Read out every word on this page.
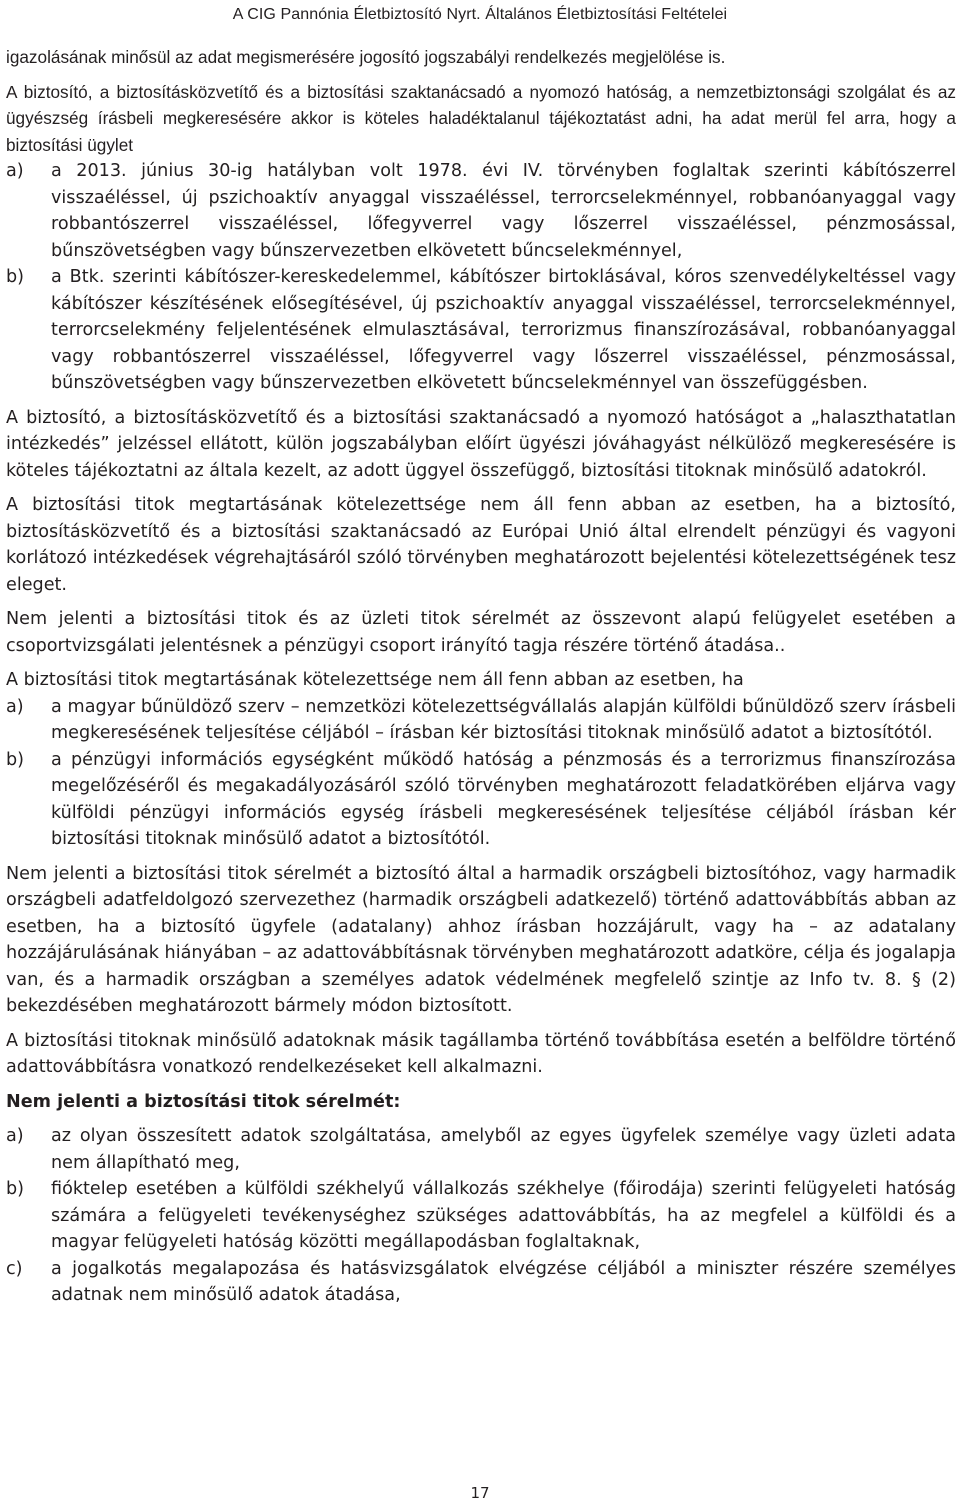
A CIG Pannónia Életbiztosító Nyrt. Általános Életbiztosítási Feltételei

igazolásának minősül az adat megismerésére jogosító jogszabályi rendelkezés megjelölése is.

A biztosító, a biztosításközvetítő és a biztosítási szaktanácsadó a nyomozó hatóság, a nemzetbiztonsági szolgálat és az ügyészség írásbeli megkeresésére akkor is köteles haladéktalanul tájékoztatást adni, ha adat merül fel arra, hogy a biztosítási ügylet

a) a 2013. június 30-ig hatályban volt 1978. évi IV. törvényben foglaltak szerinti kábítószerrel visszaéléssel, új pszichoaktív anyaggal visszaéléssel, terrorcselekménnyel, robbanóanyaggal vagy robbantószerrel visszaéléssel, lőfegyverrel vagy lőszerrel visszaéléssel, pénzmosással, bűnszövetségben vagy bűnszervezetben elkövetett bűncselekménnyel,
b) a Btk. szerinti kábítószer-kereskedelemmel, kábítószer birtoklásával, kóros szenvedélykeltéssel vagy kábítószer készítésének elősegítésével, új pszichoaktív anyaggal visszaéléssel, terrorcselekménnyel, terrorcselekmény feljelentésének elmulasztásával, terrorizmus finanszírozásával, robbanóanyaggal vagy robbantószerrel visszaéléssel, lőfegyverrel vagy lőszerrel visszaéléssel, pénzmosással, bűnszövetségben vagy bűnszervezetben elkövetett bűncselekménnyel van összefüggésben.

A biztosító, a biztosításközvetítő és a biztosítási szaktanácsadó a nyomozó hatóságot a „halaszthatatlan intézkedés” jelzéssel ellátott, külön jogszabályban előírt ügyészi jóváhagyást nélkülöző megkeresésére is köteles tájékoztatni az általa kezelt, az adott üggyel összefüggő, biztosítási titoknak minősülő adatokról.

A biztosítási titok megtartásának kötelezettsége nem áll fenn abban az esetben, ha a biztosító, biztosításközvetítő és a biztosítási szaktanácsadó az Európai Unió által elrendelt pénzügyi és vagyoni korlátozó intézkedések végrehajtásáról szóló törvényben meghatározott bejelentési kötelezettségének tesz eleget.

Nem jelenti a biztosítási titok és az üzleti titok sérelmét az összevont alapú felügyelet esetében a csoportvizsgálati jelentésnek a pénzügyi csoport irányító tagja részére történő átadása..

A biztosítási titok megtartásának kötelezettsége nem áll fenn abban az esetben, ha

a) a magyar bűnüldöző szerv – nemzetközi kötelezettségvállalás alapján külföldi bűnüldöző szerv írásbeli megkeresésének teljesítése céljából – írásban kér biztosítási titoknak minősülő adatot a biztosítótól.
b) a pénzügyi információs egységként működő hatóság a pénzmosás és a terrorizmus finanszírozása megelőzéséről és megakadályozásáról szóló törvényben meghatározott feladatkörében eljárva vagy külföldi pénzügyi információs egység írásbeli megkeresésének teljesítése céljából írásban kér biztosítási titoknak minősülő adatot a biztosítótól.

Nem jelenti a biztosítási titok sérelmét a biztosító által a harmadik országbeli biztosítóhoz, vagy harmadik országbeli adatfeldolgozó szervezethez (harmadik országbeli adatkezelő) történő adattovábbítás abban az esetben, ha a biztosító ügyfele (adatalany) ahhoz írásban hozzájárult, vagy ha – az adatalany hozzájárulásának hiányában – az adattovábbításnak törvényben meghatározott adatköre, célja és jogalapja van, és a harmadik országban a személyes adatok védelmének megfelelő szintje az Info tv. 8. § (2) bekezdésében meghatározott bármely módon biztosított.

A biztosítási titoknak minősülő adatoknak másik tagállamba történő továbbítása esetén a belföldre történő adattovábbításra vonatkozó rendelkezéseket kell alkalmazni.

Nem jelenti a biztosítási titok sérelmét:

a) az olyan összesített adatok szolgáltatása, amelyből az egyes ügyfelek személye vagy üzleti adata nem állapítható meg,
b) fióktelep esetében a külföldi székhelyű vállalkozás székhelye (főirodája) szerinti felügyeleti hatóság számára a felügyeleti tevékenységhez szükséges adattovábbítás, ha az megfelel a külföldi és a magyar felügyeleti hatóság közötti megállapodásban foglaltaknak,
c) a jogalkotás megalapozása és hatásvizsgálatok elvégzése céljából a miniszter részére személyes adatnak nem minősülő adatok átadása,
17
